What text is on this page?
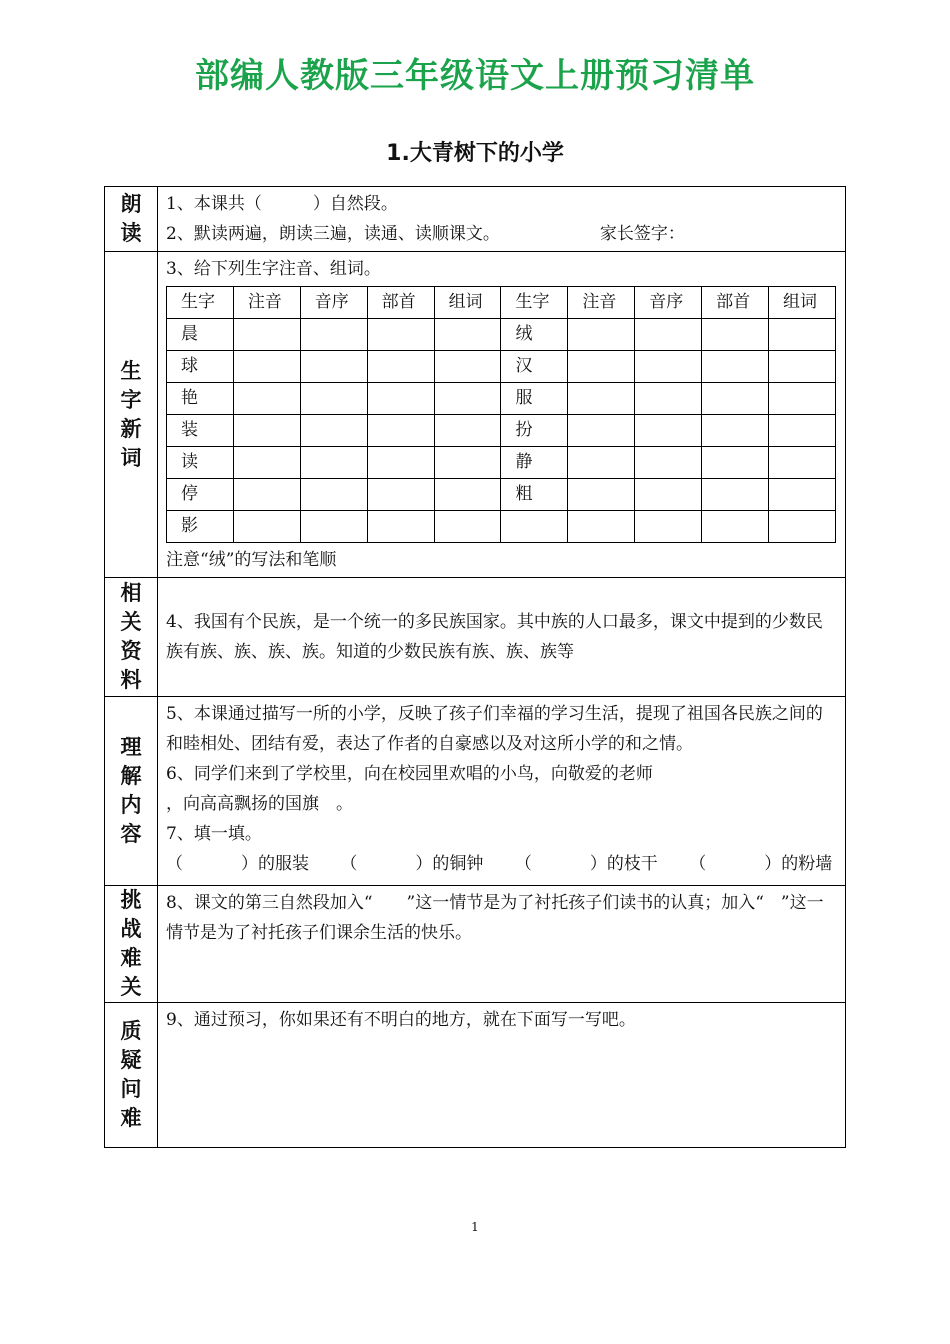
部编人教版三年级语文上册预习清单
1.大青树下的小学
朗
读

1、本课共（　　　）自然段。

2、默读两遍，朗读三遍，读通、读顺课文。	家长签字：

生
字
新
词

3、给下列生字注音、组词。

生字	注音	音序	部首	组词	生字	注音	音序	部首	组词
晨					绒				
球					汉				
艳					服				
装					扮				
读					静				
停					粗				
影									

注意“绒”的写法和笔顺

相
关
资
料

4、我国有个民族，是一个统一的多民族国家。其中族的人口最多，课文中提到的少数民族有族、族、族、族。知道的少数民族有族、族、族等

理
解
内
容

5、本课通过描写一所的小学，反映了孩子们幸福的学习生活，提现了祖国各民族之间的和睦相处、团结有爱，表达了作者的自豪感以及对这所小学的和之情。

6、同学们来到了学校里，向在校园里欢唱的小鸟，向敬爱的老师

，向高高飘扬的国旗　。

7、填一填。

（	）的服装 （	）的铜钟 （	）的枝干 （	）的粉墙

挑
战
难
关

8、课文的第三自然段加入“　　”这一情节是为了衬托孩子们读书的认真；加入“　”这一情节是为了衬托孩子们课余生活的快乐。

质
疑
问
难

9、通过预习，你如果还有不明白的地方，就在下面写一写吧。

1
